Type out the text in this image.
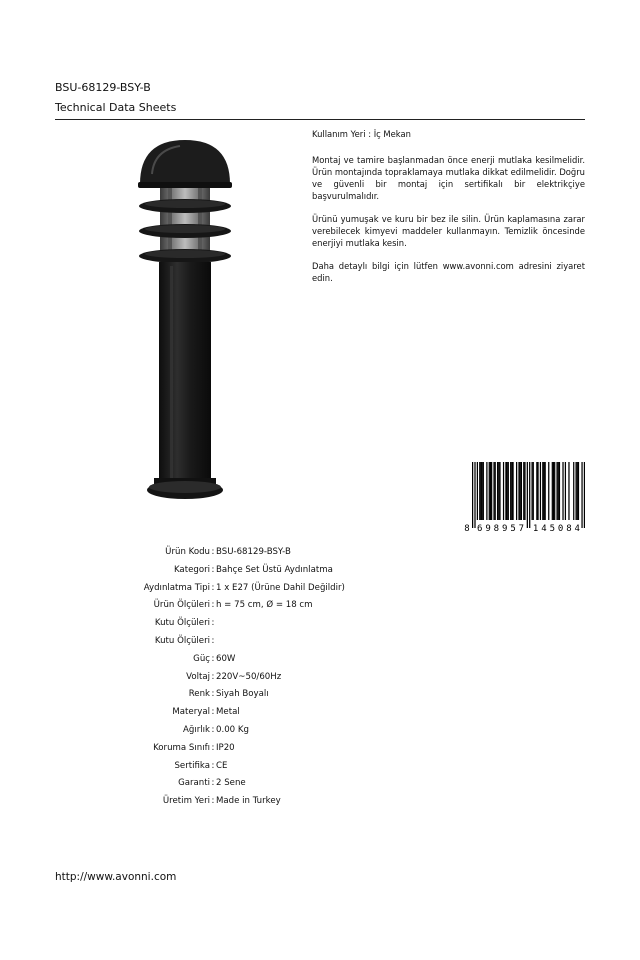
BSU-68129-BSY-B
Technical Data Sheets

Kullanım Yeri : İç Mekan

Montaj ve tamire başlanmadan önce enerji mutlaka kesilmelidir. Ürün montajında topraklamaya mutlaka dikkat edilmelidir. Doğru ve güvenli bir montaj için sertifikalı bir elektrikçiye başvurulmalıdır.

Ürünü yumuşak ve kuru bir bez ile silin. Ürün kaplamasına zarar verebilecek kimyevi maddeler kullanmayın. Temizlik öncesinde enerjiyi mutlaka kesin.

Daha detaylı bilgi için lütfen www.avonni.com adresini ziyaret edin.

8 6 9 8 9 5 7 1 4 5 0 8 4
Ürün Kodu : BSU-68129-BSY-B
Kategori : Bahçe Set Üstü Aydınlatma
Aydınlatma Tipi : 1 x E27 (Ürüne Dahil Değildir)
Ürün Ölçüleri : h = 75 cm, Ø = 18 cm
Kutu Ölçüleri :
Kutu Ölçüleri :
Güç : 60W
Voltaj : 220V~50/60Hz
Renk : Siyah Boyalı
Materyal : Metal
Ağırlık : 0.00 Kg
Koruma Sınıfı : IP20
Sertifika : CE
Garanti : 2 Sene
Üretim Yeri : Made in Turkey
http://www.avonni.com
